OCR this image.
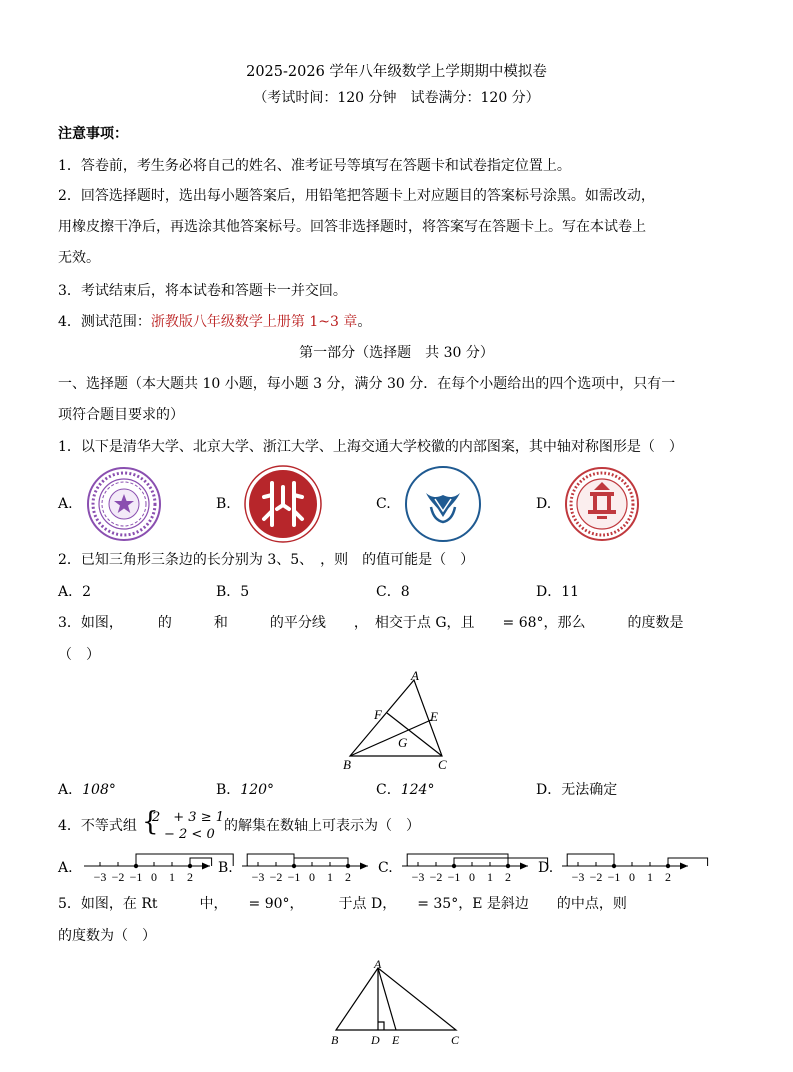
2025-2026 学年八年级数学上学期期中模拟卷
（考试时间：120 分钟　试卷满分：120 分）
注意事项：
1．答卷前，考生务必将自己的姓名、准考证号等填写在答题卡和试卷指定位置上。
2．回答选择题时，选出每小题答案后，用铅笔把答题卡上对应题目的答案标号涂黑。如需改动，
用橡皮擦干净后，再选涂其他答案标号。回答非选择题时，将答案写在答题卡上。写在本试卷上
无效。
3．考试结束后，将本试卷和答题卡一并交回。
4．测试范围：浙教版八年级数学上册第 1~3 章。
第一部分（选择题　共 30 分）
一、选择题（本大题共 10 小题，每小题 3 分，满分 30 分．在每个小题给出的四个选项中，只有一
项符合题目要求的）
1．以下是清华大学、北京大学、浙江大学、上海交通大学校徽的内部图案，其中轴对称图形是（　）
A.	B.	C.	D.
2．已知三角形三条边的长分别为 3、5、　，则　的值可能是（　）
A．2	B．5	C．8	D．11
3．如图，　　　的　　　和　　　的平分线　　，　相交于点 G，且　　= 68°，那么　　　的度数是
（　）
A
F	E
G
B	C
A．108°	B．120°	C．124°	D．无法确定
4．不等式组 {
2　+ 3 ≥ 1
− 2 < 0
的解集在数轴上可表示为（　）
A.	B.	C.	D.
−3 −2 −1 0 1 2	−3 −2 −1 0 1 2	−3 −2 −1 0 1 2	−3 −2 −1 0 1 2
5．如图，在 Rt　　　中，　　= 90°，　　　于点 D，　　= 35°，E 是斜边　　的中点，则
的度数为（　）
A
B	D E	C
